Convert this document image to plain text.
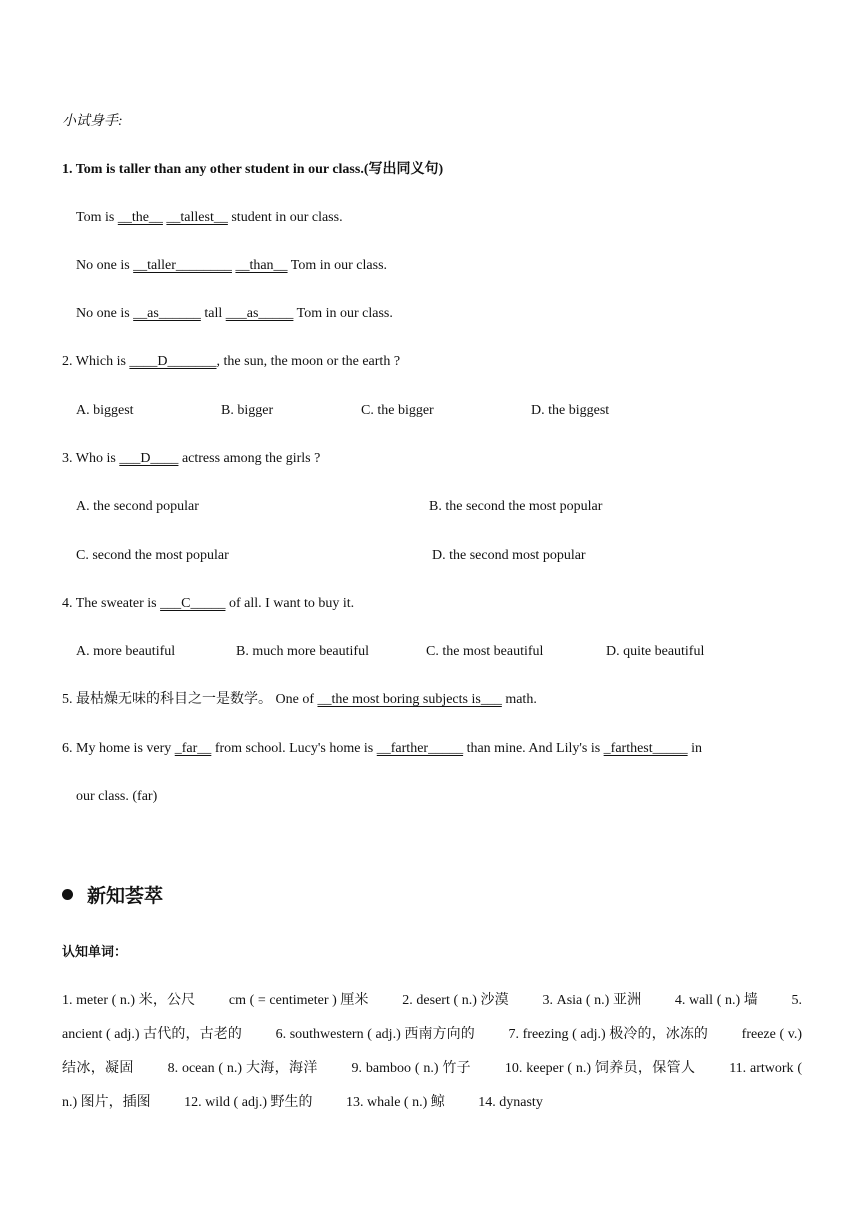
小试身手:
1. Tom is taller than any other student in our class.(写出同义句)
Tom is __the__ __tallest__ student in our class.
No one is __taller________ __than__ Tom in our class.
No one is __as______ tall ___as_____ Tom in our class.
2. Which is ____D_______, the sun, the moon or the earth ?
A. biggest	B. bigger	C. the bigger	D. the biggest
3. Who is ___D____ actress among the girls ?
A. the second popular	B. the second the most popular
C. second the most popular	D. the second most popular
4. The sweater is ___C_____ of all. I want to buy it.
A. more beautiful	B. much more beautiful	C. the most beautiful	D. quite beautiful
5. 最枯燥无味的科目之一是数学。 One of __the most boring subjects is___ math.
6. My home is very _far__ from school. Lucy's home is __farther_____ than mine. And Lily's is _farthest_____ in
our class. (far)
新知荟萃
认知单词：
1. meter ( n.) 米，公尺 cm ( = centimeter ) 厘米 2. desert ( n.) 沙漠 3. Asia ( n.) 亚洲 4. wall ( n.) 墙 5. ancient ( adj.) 古代的，古老的 6. southwestern ( adj.) 西南方向的 7. freezing ( adj.) 极冷的，冰冻的 freeze ( v.) 结冰，凝固 8. ocean ( n.) 大海，海洋 9. bamboo ( n.) 竹子 10. keeper ( n.) 饲养员，保管人 11. artwork ( n.) 图片，插图 12. wild ( adj.) 野生的 13. whale ( n.) 鲸 14. dynasty
